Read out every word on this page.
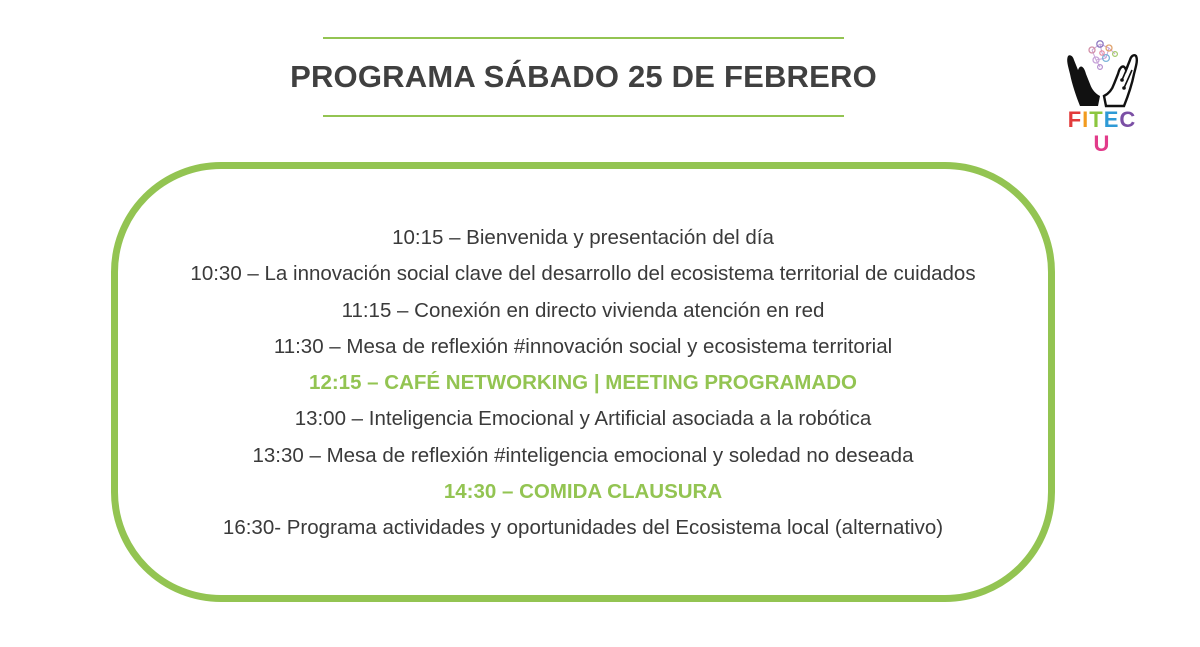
PROGRAMA SÁBADO 25 DE FEBRERO
FITECU
10:15 – Bienvenida y presentación del día
10:30 – La innovación social clave del desarrollo del ecosistema territorial de cuidados
11:15 – Conexión en directo vivienda atención en red
11:30 – Mesa de reflexión #innovación social y ecosistema territorial
12:15 – CAFÉ NETWORKING | MEETING PROGRAMADO
13:00 – Inteligencia Emocional y Artificial asociada a la robótica
13:30 – Mesa de reflexión #inteligencia emocional y soledad no deseada
14:30 – COMIDA CLAUSURA
16:30- Programa actividades y oportunidades del Ecosistema local (alternativo)
